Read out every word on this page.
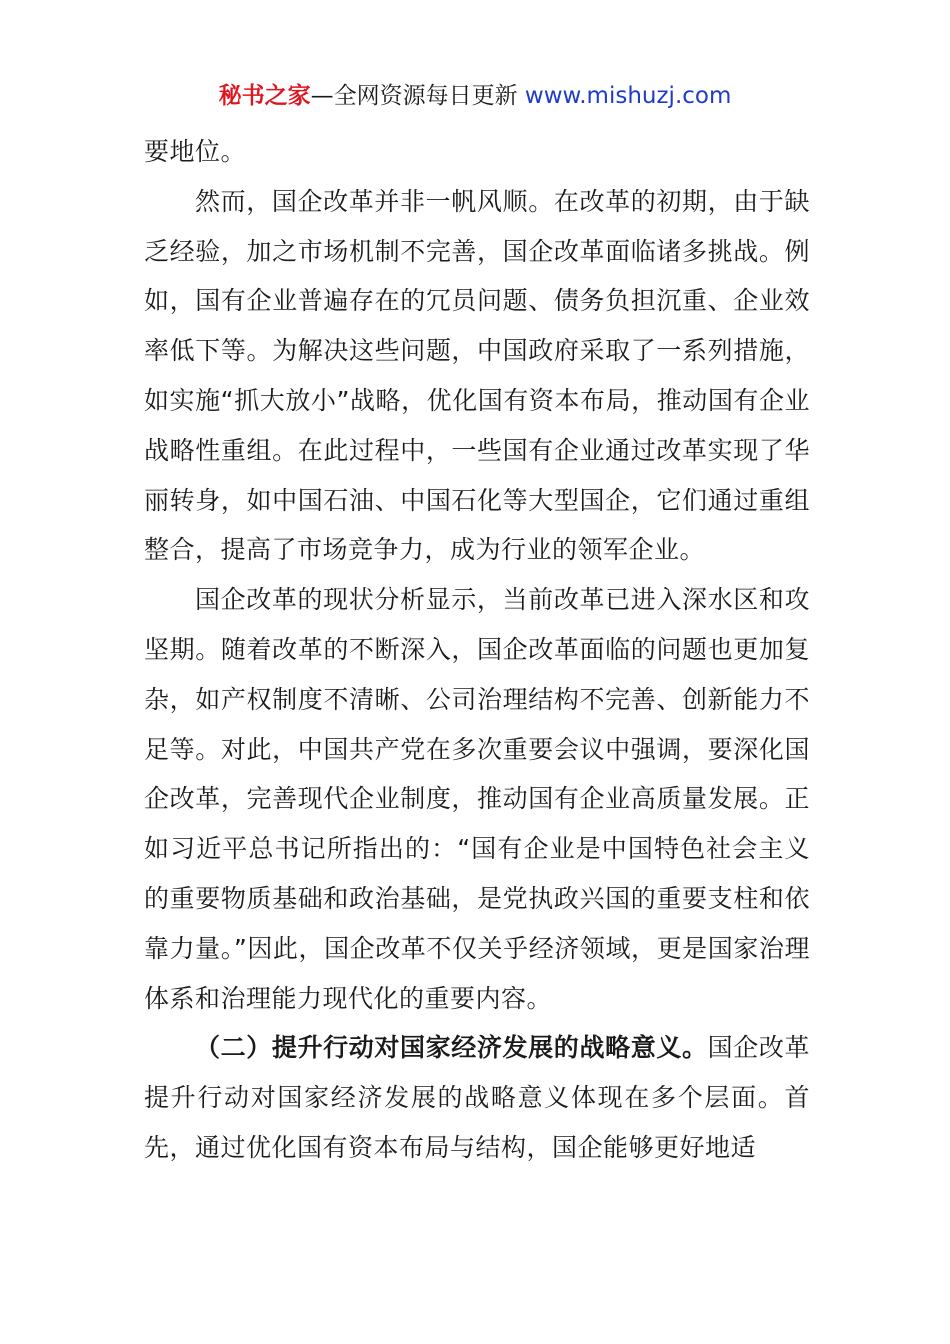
秘书之家—全网资源每日更新 www.mishuzj.com

要地位。

然而，国企改革并非一帆风顺。在改革的初期，由于缺乏经验，加之市场机制不完善，国企改革面临诸多挑战。例如，国有企业普遍存在的冗员问题、债务负担沉重、企业效率低下等。为解决这些问题，中国政府采取了一系列措施，如实施“抓大放小”战略，优化国有资本布局，推动国有企业战略性重组。在此过程中，一些国有企业通过改革实现了华丽转身，如中国石油、中国石化等大型国企，它们通过重组整合，提高了市场竞争力，成为行业的领军企业。

国企改革的现状分析显示，当前改革已进入深水区和攻坚期。随着改革的不断深入，国企改革面临的问题也更加复杂，如产权制度不清晰、公司治理结构不完善、创新能力不足等。对此，中国共产党在多次重要会议中强调，要深化国企改革，完善现代企业制度，推动国有企业高质量发展。正如习近平总书记所指出的：“国有企业是中国特色社会主义的重要物质基础和政治基础，是党执政兴国的重要支柱和依靠力量。”因此，国企改革不仅关乎经济领域，更是国家治理体系和治理能力现代化的重要内容。

（二）提升行动对国家经济发展的战略意义。国企改革提升行动对国家经济发展的战略意义体现在多个层面。首先，通过优化国有资本布局与结构，国企能够更好地适
